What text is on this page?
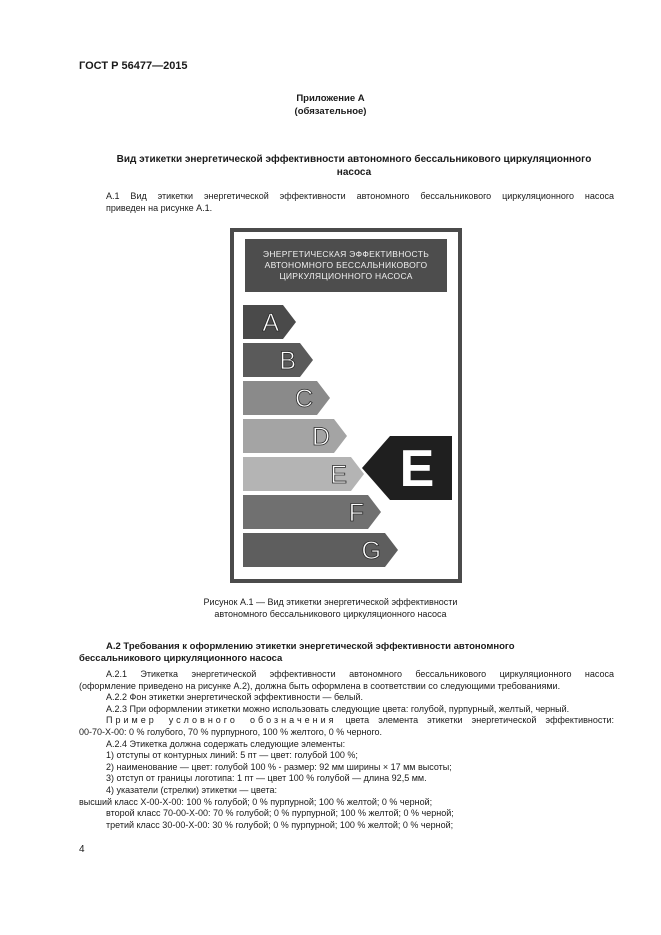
ГОСТ Р 56477—2015
Приложение А
(обязательное)
Вид этикетки энергетической эффективности автономного бессальникового циркуляционного
насоса
А.1 Вид этикетки энергетической эффективности автономного бессальникового циркуляционного насоса
приведен на рисунке А.1.
ЭНЕРГЕТИЧЕСКАЯ ЭФФЕКТИВНОСТЬ
АВТОНОМНОГО БЕССАЛЬНИКОВОГО
ЦИРКУЛЯЦИОННОГО НАСОСА
A
B
C
D
E
F
G
E
Рисунок А.1 — Вид этикетки энергетической эффективности
автономного бессальникового циркуляционного насоса
А.2 Требования к оформлению этикетки энергетической эффективности автономного
бессальникового циркуляционного насоса
А.2.1 Этикетка энергетической эффективности автономного бессальникового циркуляционного насоса
(оформление приведено на рисунке А.2), должна быть оформлена в соответствии со следующими требованиями.
А.2.2 Фон этикетки энергетической эффективности — белый.
А.2.3 При оформлении этикетки можно использовать следующие цвета: голубой, пурпурный, желтый, черный.
Пример условного обозначения цвета элемента этикетки энергетической эффективности:
00-70-Х-00: 0 % голубого, 70 % пурпурного, 100 % желтого, 0 % черного.
А.2.4 Этикетка должна содержать следующие элементы:
1) отступы от контурных линий: 5 пт — цвет: голубой 100 %;
2) наименование — цвет: голубой 100 % - размер: 92 мм ширины × 17 мм высоты;
3) отступ от границы логотипа: 1 пт — цвет 100 % голубой — длина 92,5 мм.
4) указатели (стрелки) этикетки — цвета:
высший класс Х-00-Х-00: 100 % голубой; 0 % пурпурной; 100 % желтой; 0 % черной;
второй класс 70-00-Х-00: 70 % голубой; 0 % пурпурной; 100 % желтой; 0 % черной;
третий класс 30-00-Х-00: 30 % голубой; 0 % пурпурной; 100 % желтой; 0 % черной;
4
